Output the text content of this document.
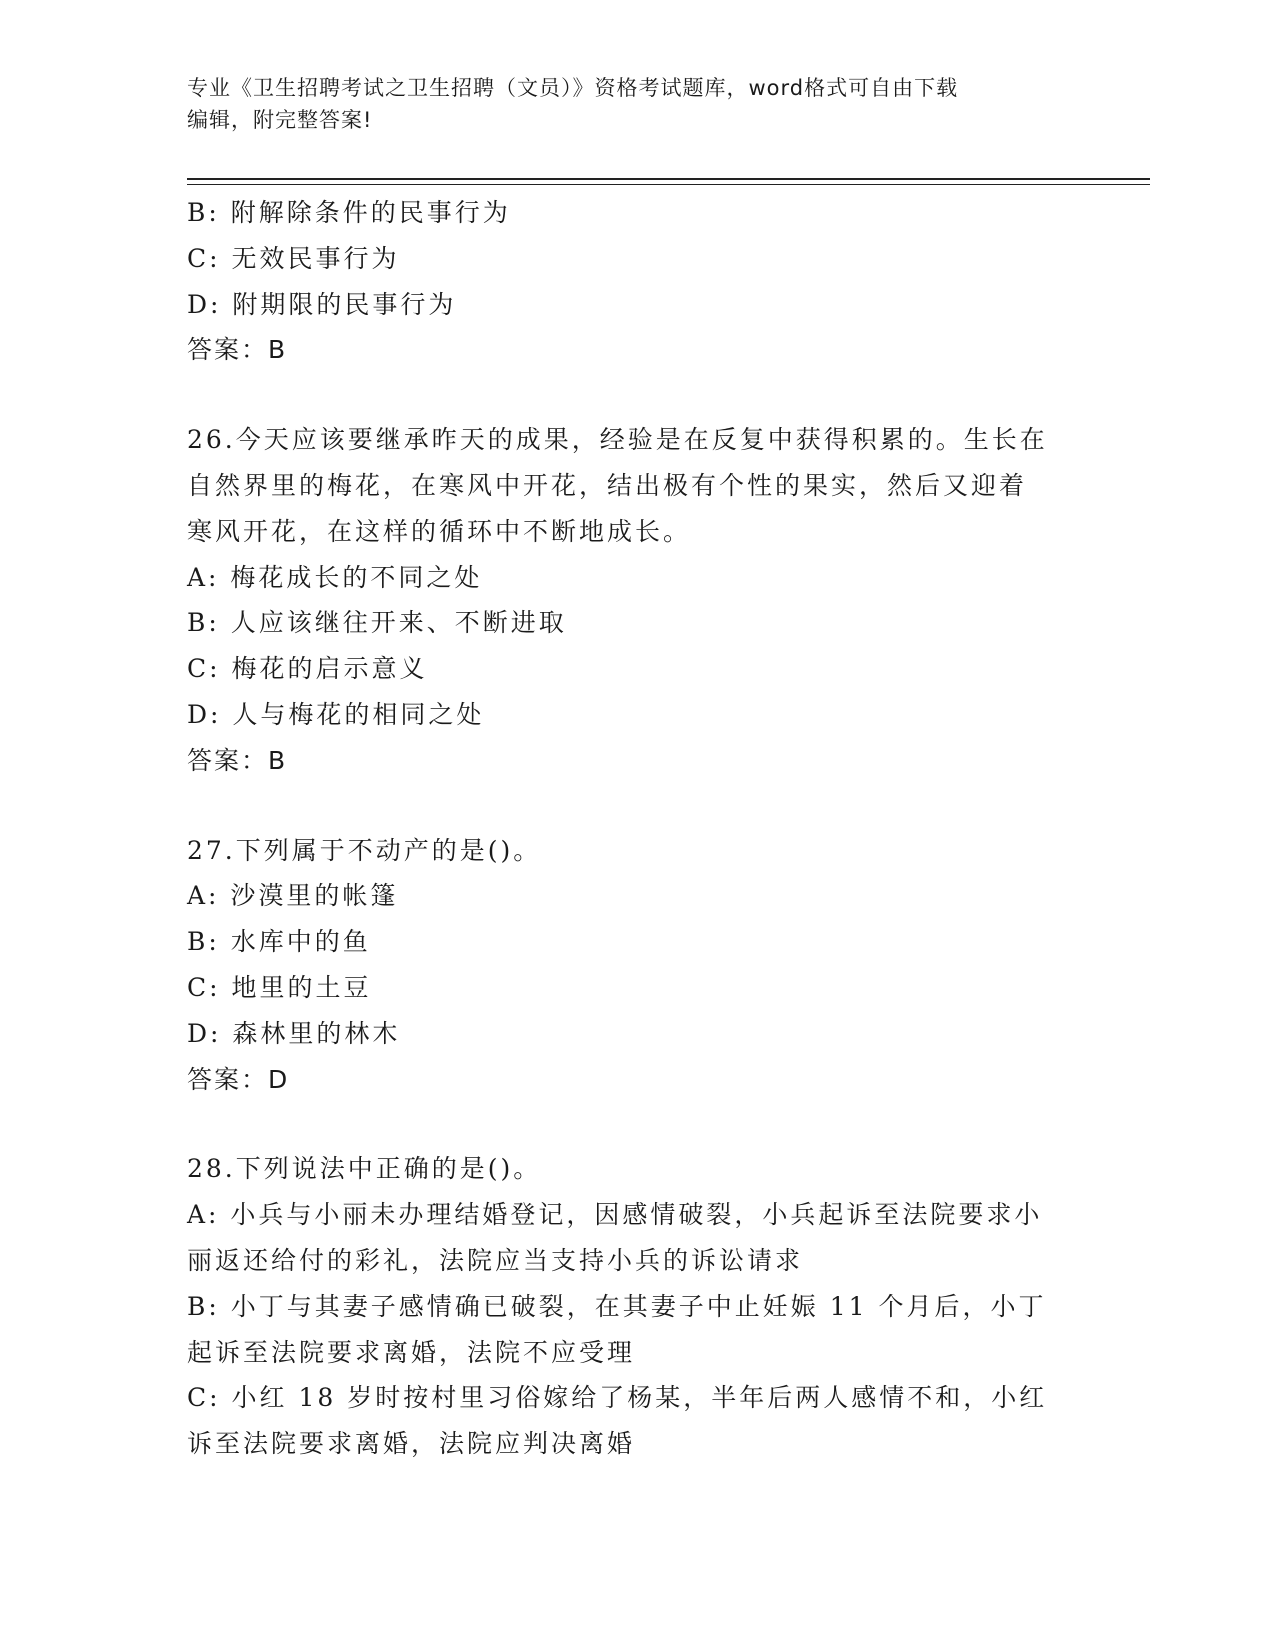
专业《卫生招聘考试之卫生招聘（文员）》资格考试题库，word格式可自由下载
编辑，附完整答案!
B: 附解除条件的民事行为
C: 无效民事行为
D: 附期限的民事行为
答案：B
26.今天应该要继承昨天的成果，经验是在反复中获得积累的。生长在
自然界里的梅花，在寒风中开花，结出极有个性的果实，然后又迎着
寒风开花，在这样的循环中不断地成长。
A: 梅花成长的不同之处
B: 人应该继往开来、不断进取
C: 梅花的启示意义
D: 人与梅花的相同之处
答案：B
27.下列属于不动产的是()。
A: 沙漠里的帐篷
B: 水库中的鱼
C: 地里的土豆
D: 森林里的林木
答案：D
28.下列说法中正确的是()。
A: 小兵与小丽未办理结婚登记，因感情破裂，小兵起诉至法院要求小
丽返还给付的彩礼，法院应当支持小兵的诉讼请求
B: 小丁与其妻子感情确已破裂，在其妻子中止妊娠 11 个月后，小丁
起诉至法院要求离婚，法院不应受理
C: 小红 18 岁时按村里习俗嫁给了杨某，半年后两人感情不和，小红
诉至法院要求离婚，法院应判决离婚
